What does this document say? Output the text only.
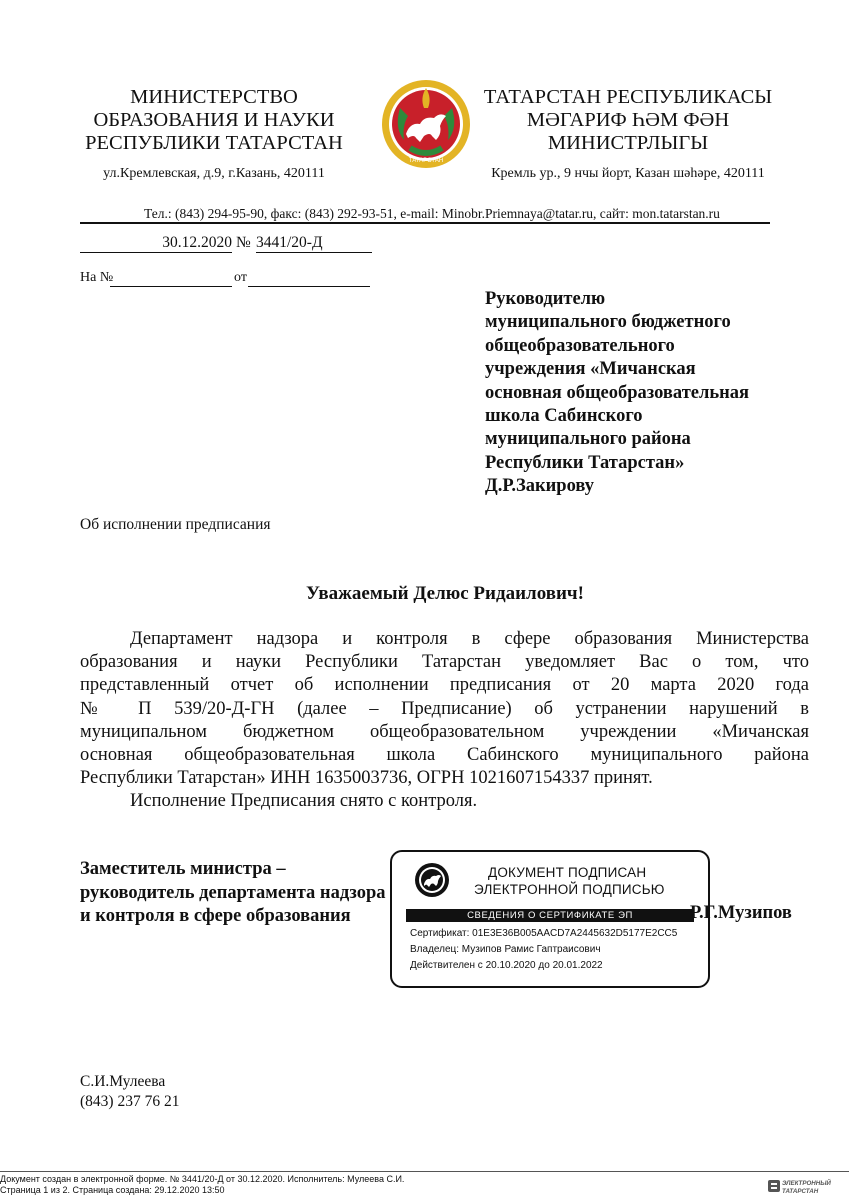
МИНИСТЕРСТВО
ОБРАЗОВАНИЯ И НАУКИ
РЕСПУБЛИКИ ТАТАРСТАН
ТАТАРСТАН
ТАТАРСТАН РЕСПУБЛИКАСЫ
МӘГАРИФ ҺӘМ ФӘН
МИНИСТРЛЫГЫ
ул.Кремлевская, д.9, г.Казань, 420111	Кремль ур., 9 нчы йорт, Казан шәһәре, 420111
Тел.: (843) 294-95-90, факс: (843) 292-93-51, e-mail: Minobr.Priemnaya@tatar.ru, сайт: mon.tatarstan.ru
30.12.2020 № 3441/20-Д
На №	от
Руководителю
муниципального бюджетного
общеобразовательного
учреждения «Мичанская
основная общеобразовательная
школа Сабинского
муниципального района
Республики Татарстан»
Д.Р.Закирову
Об исполнении предписания
Уважаемый Делюс Ридаилович!
Департамент надзора и контроля в сфере образования Министерства
образования и науки Республики Татарстан уведомляет Вас о том, что
представленный отчет об исполнении предписания от 20 марта 2020 года
№ П 539/20-Д-ГН (далее – Предписание) об устранении нарушений в
муниципальном бюджетном общеобразовательном учреждении «Мичанская
основная общеобразовательная школа Сабинского муниципального района
Республики Татарстан» ИНН 1635003736, ОГРН 1021607154337 принят.
Исполнение Предписания снято с контроля.
Заместитель министра –
руководитель департамента надзора
и контроля в сфере образования
ДОКУМЕНТ ПОДПИСАН
ЭЛЕКТРОННОЙ ПОДПИСЬЮ
СВЕДЕНИЯ О СЕРТИФИКАТЕ ЭП
Сертификат: 01E3E36B005AACD7A2445632D5177E2CC5
Владелец: Музипов Рамис Гаптраисович
Действителен с 20.10.2020 до 20.01.2022
Р.Г.Музипов
С.И.Мулеева
(843) 237 76 21
Документ создан в электронной форме. № 3441/20-Д от 30.12.2020. Исполнитель: Мулеева С.И.
Страница 1 из 2. Страница создана: 29.12.2020 13:50
ЭЛЕКТРОННЫЙ
ТАТАРСТАН
